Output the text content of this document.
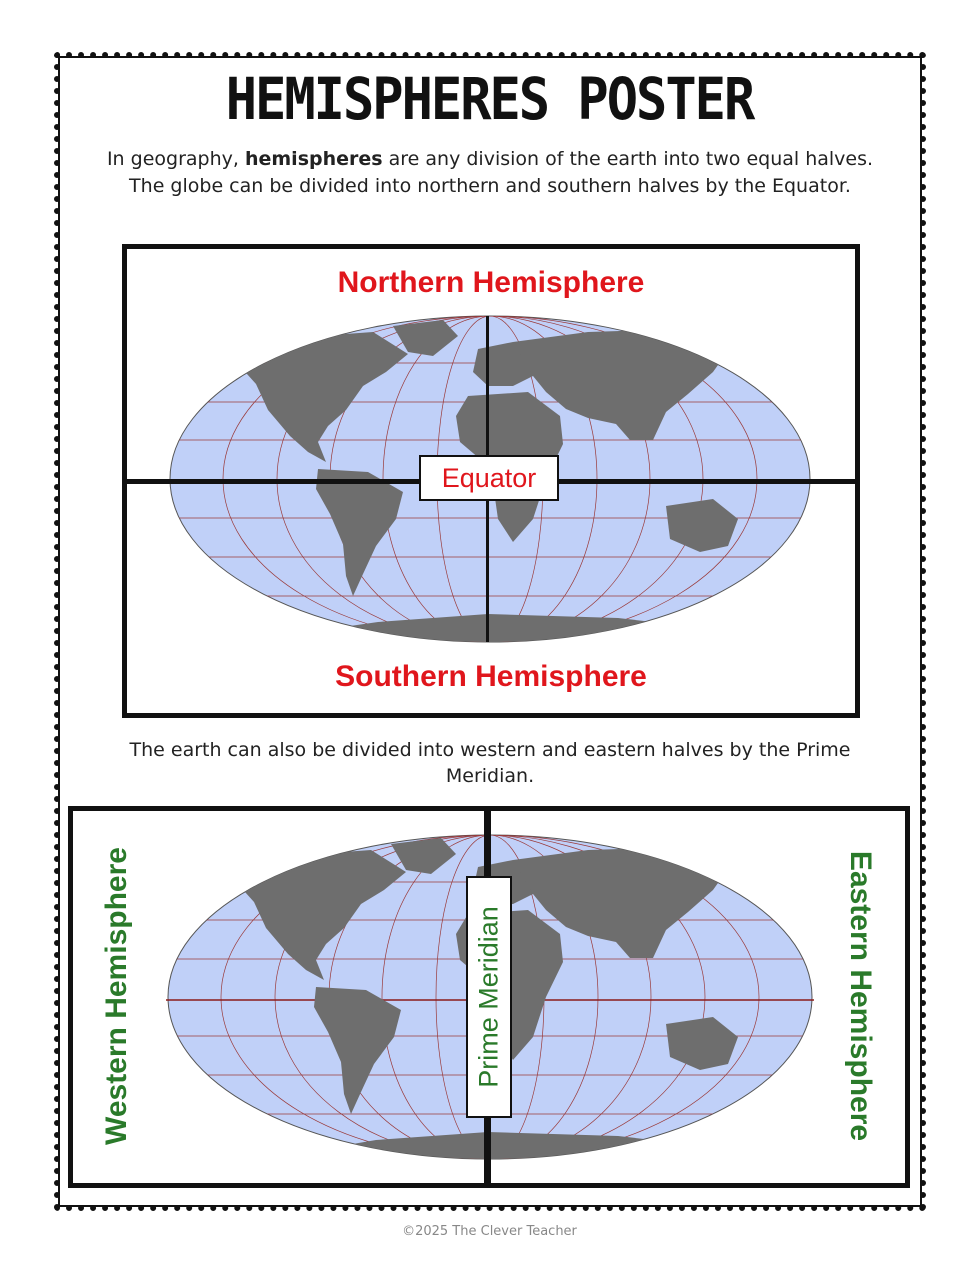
HEMISPHERES POSTER
In geography, hemispheres are any division of the earth into two equal halves. The globe can be divided into northern and southern halves by the Equator.
Northern Hemisphere
Southern Hemisphere
Equator
The earth can also be divided into western and eastern halves by the Prime Meridian.
Western Hemisphere	Eastern Hemisphere
Prime Meridian
©2025 The Clever Teacher
